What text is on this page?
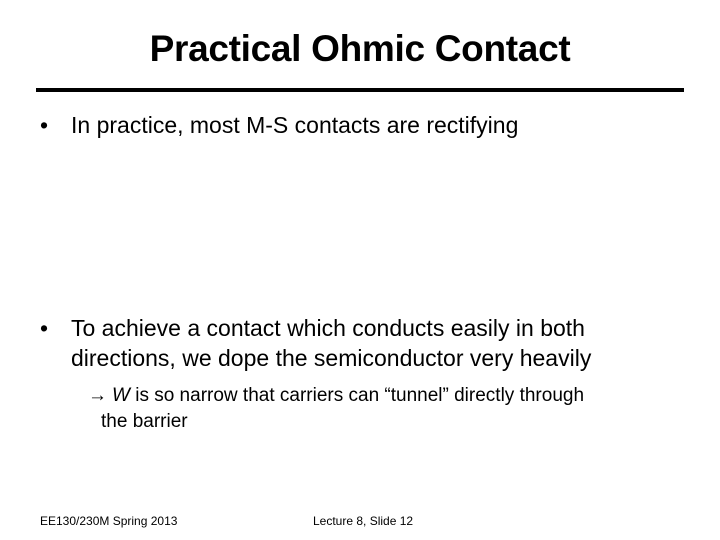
Practical Ohmic Contact
• In practice, most M-S contacts are rectifying
• To achieve a contact which conducts easily in both directions, we dope the semiconductor very heavily
→ W is so narrow that carriers can “tunnel” directly through
the barrier
EE130/230M Spring 2013	Lecture 8, Slide 12
